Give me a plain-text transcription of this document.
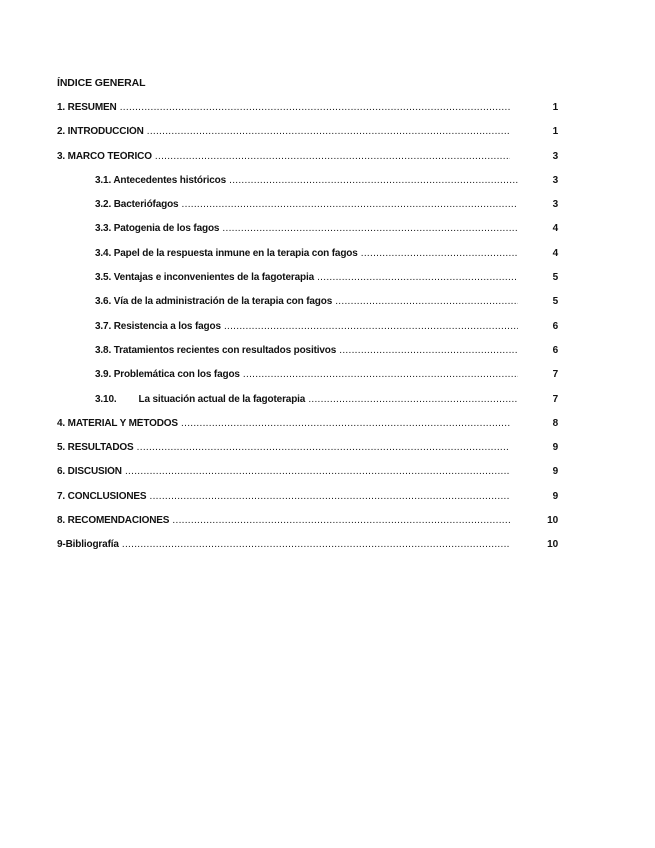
ÍNDICE GENERAL
1. RESUMEN .....	1
2. INTRODUCCIÓN .....	1
3. MARCO TEÓRICO .....	3
3.1. Antecedentes históricos .....	3
3.2. Bacteriófagos .....	3
3.3. Patogenia de los fagos .....	4
3.4. Papel de la respuesta inmune en la terapia con fagos .....	4
3.5. Ventajas e inconvenientes de la fagoterapia .....	5
3.6. Vía de la administración de la terapia con fagos .....	5
3.7. Resistencia a los fagos .....	6
3.8. Tratamientos recientes con resultados positivos .....	6
3.9. Problemática con los fagos .....	7
3.10. La situación actual de la fagoterapia .....	7
4. MATERIAL Y MÉTODOS .....	8
5. RESULTADOS .....	9
6. DISCUSIÓN .....	9
7. CONCLUSIONES .....	9
8. RECOMENDACIONES .....	10
9-Bibliografía .....	10
